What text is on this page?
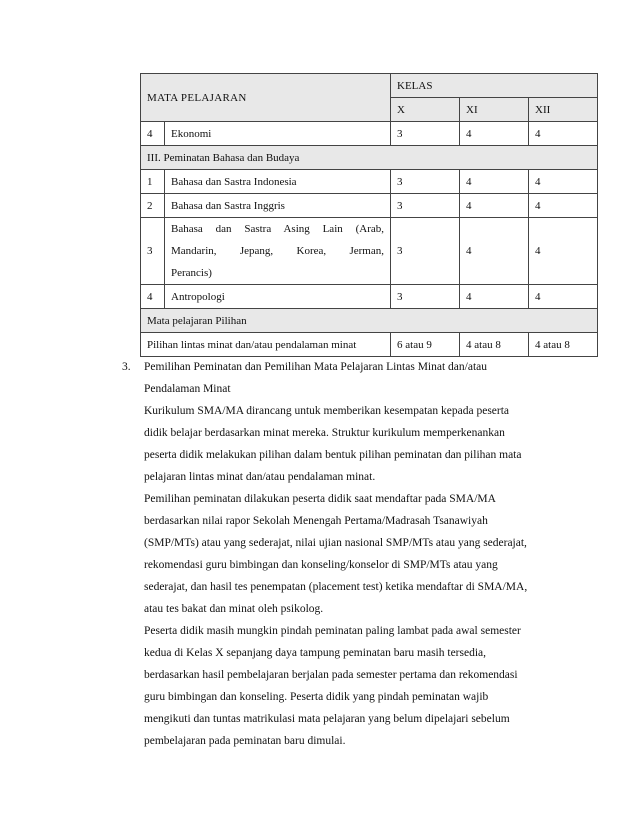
MATA PELAJARAN		KELAS		
		X	XI	XII
4	Ekonomi	3	4	4
III. Peminatan Bahasa dan Budaya				
1	Bahasa dan Sastra Indonesia	3	4	4
2	Bahasa dan Sastra Inggris	3	4	4
3	Bahasa dan Sastra Asing Lain (Arab,
Mandarin, Jepang, Korea, Jerman,
Perancis)	3	4	4
4	Antropologi	3	4	4
Mata pelajaran Pilihan				
Pilihan lintas minat dan/atau pendalaman minat		6 atau 9	4 atau 8	4 atau 8
3. Pemilihan Peminatan dan Pemilihan Mata Pelajaran Lintas Minat dan/atau

Pendalaman Minat

Kurikulum SMA/MA dirancang untuk memberikan kesempatan kepada peserta

didik belajar berdasarkan minat mereka. Struktur kurikulum memperkenankan

peserta didik melakukan pilihan dalam bentuk pilihan peminatan dan pilihan mata

pelajaran lintas minat dan/atau pendalaman minat.

Pemilihan peminatan dilakukan peserta didik saat mendaftar pada SMA/MA

berdasarkan nilai rapor Sekolah Menengah Pertama/Madrasah Tsanawiyah

(SMP/MTs) atau yang sederajat, nilai ujian nasional SMP/MTs atau yang sederajat,

rekomendasi guru bimbingan dan konseling/konselor di SMP/MTs atau yang

sederajat, dan hasil tes penempatan (placement test) ketika mendaftar di SMA/MA,

atau tes bakat dan minat oleh psikolog.

Peserta didik masih mungkin pindah peminatan paling lambat pada awal semester

kedua di Kelas X sepanjang daya tampung peminatan baru masih tersedia,

berdasarkan hasil pembelajaran berjalan pada semester pertama dan rekomendasi

guru bimbingan dan konseling. Peserta didik yang pindah peminatan wajib

mengikuti dan tuntas matrikulasi mata pelajaran yang belum dipelajari sebelum

pembelajaran pada peminatan baru dimulai.
